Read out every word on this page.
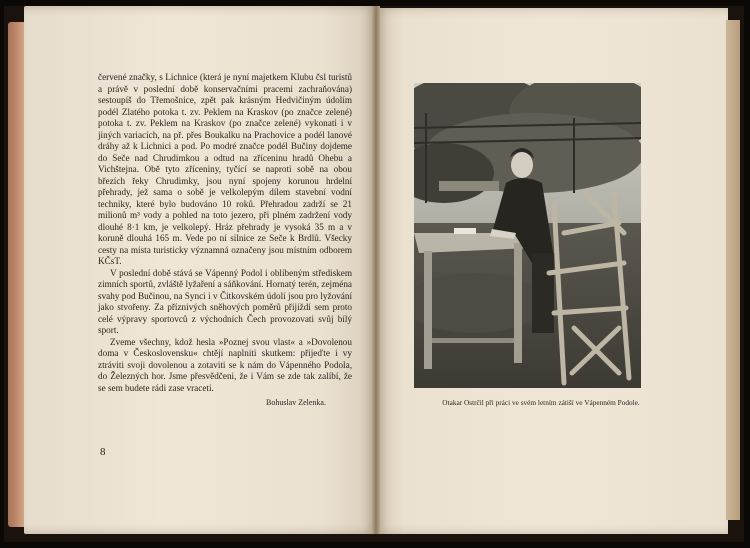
červené značky, s Lichnice (která je nyní majetkem Klubu čsl turistů a právě v poslední době konservačními pracemi zachraňována) sestoupíš do Třemošnice, zpět pak krásným Hedvičiným údolím podél Zlatého potoka t. zv. Peklem na Kraskov (po značce zelené) potoka t. zv. Peklem na Kraskov (po značce zelené) vykonati i v jiných variacích, na př. přes Boukalku na Prachovice a podél lanové dráhy až k Lichnici a pod. Po modré značce podél Bučiny dojdeme do Seče nad Chrudimkou a odtud na zříceninu hradů Ohebu a Vichštejna. Obě tyto zříceniny, tyčící se naproti sobě na obou březích řeky Chrudimky, jsou nyní spojeny korunou hrdelní přehrady, jež sama o sobě je velkolepým dílem stavební vodní techniky, které bylo budováno 10 roků. Přehradou zadrží se 21 milionů m³ vody a pohled na toto jezero, při plném zadržení vody dlouhé 8·1 km, je velkolepý. Hráz přehrady je vysoká 35 m a v koruně dlouhá 165 m. Vede po ní silnice ze Seče k Brdlů. Všecky cesty na místa turisticky významná označeny jsou místním odborem KČsT.

V poslední době stává se Vápenný Podol i oblíbeným střediskem zimních sportů, zvláště lyžaření a sáňkování. Hornatý terén, zejména svahy pod Bučinou, na Synci i v Čitkovském údolí jsou pro lyžování jako stvořeny. Za příznivých sněhových poměrů přijíždí sem proto celé výpravy sportovců z východních Čech provozovati svůj bílý sport.

Zveme všechny, kdož hesla »Poznej svou vlast« a »Dovolenou doma v Československu« chtějí naplniti skutkem: přijeďte i vy ztráviti svoji dovolenou a zotaviti se k nám do Vápenného Podola, do Železných hor. Jsme přesvědčeni, že i Vám se zde tak zalíbí, že se sem budete rádi zase vraceti.

Bohuslav Zelenka.
8
Otakar Ostrčil při práci ve svém letním zátiší ve Vápenném Podole.
